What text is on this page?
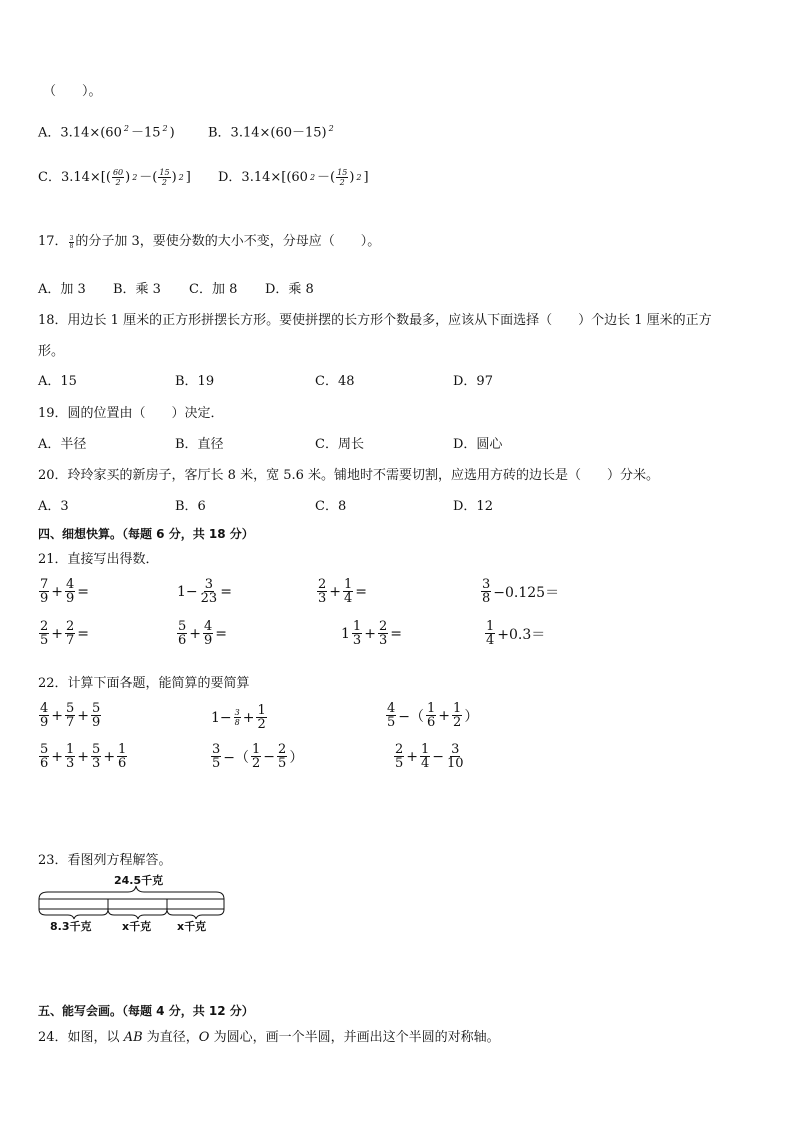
（　　）。
A．3.14×(60 $^2$ －15 $^2$ )	B．3.14×(60－15) $^2$
C．$3.14\times[( \frac{60}{2}$ ) 2 －( $\frac{15}{2}$ ) 2 ] D．3.14×[(60 2 －( $\frac{15}{2}$ ) 2 ]
17． $\frac{3}{8}$ 的分子加 3，要使分数的大小不变，分母应（　　）。
A．加 3 B．乘 3 C．加 8 D．乘 8
18．用边长 1 厘米的正方形拼摆长方形。要使拼摆的长方形个数最多，应该从下面选择（　　）个边长 1 厘米的正方
形。
A．15	B．19	C．48	D．97
19．圆的位置由（　　）决定．
A．半径	B．直径	C．周长	D．圆心
20．玲玲家买的新房子，客厅长 8 米，宽 5.6 米。铺地时不需要切割，应选用方砖的边长是（　　）分米。
A．3	B．6	C．8	D．12
四、细想快算。（每题 6 分，共 18 分）
21．直接写出得数．
$\frac{7}{9} + \frac{4}{9}$ =	$1- \frac{3}{23}$ =	$\frac{2}{3} + \frac{1}{4}$ =	$\frac{3}{8} -0.125=$
$\frac{2}{5} + \frac{2}{7}$ =	$\frac{5}{6} + \frac{4}{9}$ =	$1 \frac{1}{3} + \frac{2}{3}$ =	$\frac{1}{4} +0.3=$
22．计算下面各题，能简算的要简算
$\frac{4}{9} + \frac{5}{7} + \frac{5}{9}$	$1- \frac{3}{8} + \frac{1}{2}$	$\frac{4}{5}$ −（ $\frac{1}{6} + \frac{1}{2}$ ）
$\frac{5}{6} + \frac{1}{3} + \frac{5}{3} + \frac{1}{6}$	$\frac{3}{5}$ −（ $\frac{1}{2} - \frac{2}{5}$ ）	$\frac{2}{5} + \frac{1}{4} - \frac{3}{10}$
23．看图列方程解答。
24.5千克
8.3千克	x千克 x千克
五、能写会画。（每题 4 分，共 12 分）
24．如图，以 AB 为直径，O 为圆心，画一个半圆，并画出这个半圆的对称轴。
